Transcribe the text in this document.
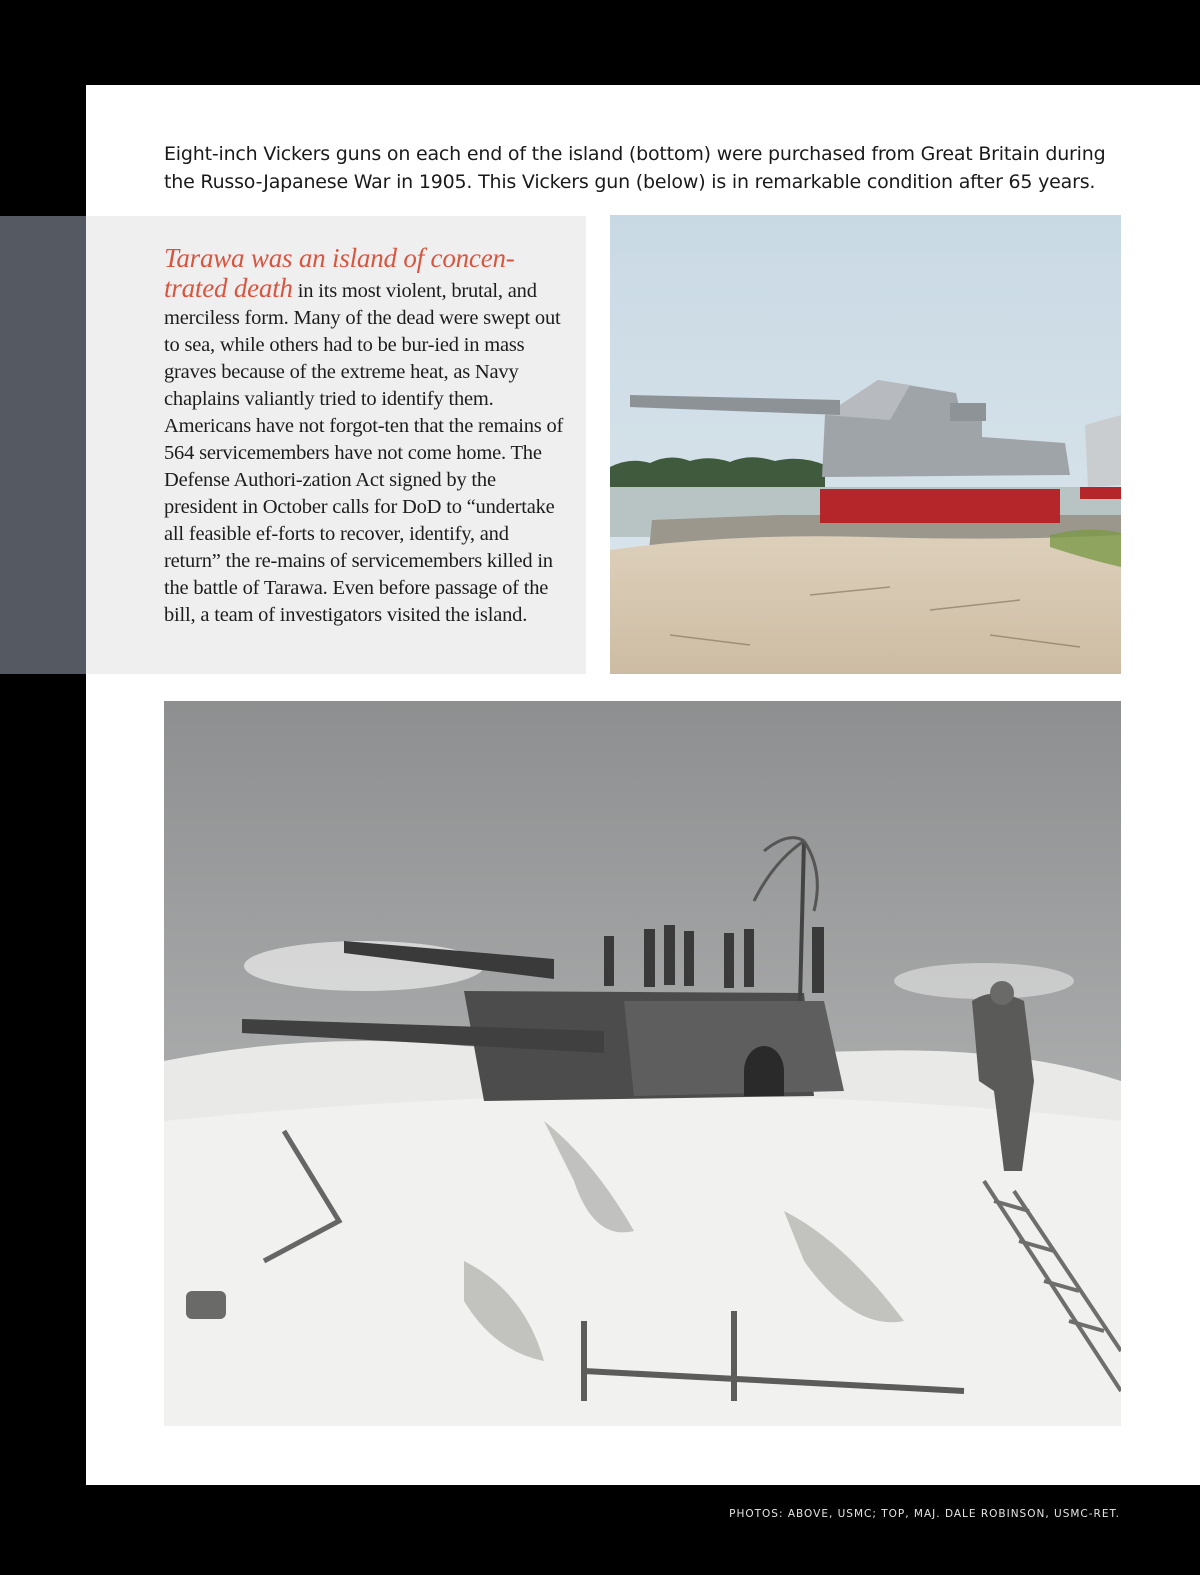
Eight-inch Vickers guns on each end of the island (bottom) were purchased from Great Britain during the Russo-Japanese War in 1905. This Vickers gun (below) is in remarkable condition after 65 years.

Tarawa was an island of concen-trated death in its most violent, brutal, and merciless form. Many of the dead were swept out to sea, while others had to be bur-ied in mass graves because of the extreme heat, as Navy chaplains valiantly tried to identify them. Americans have not forgot-ten that the remains of 564 servicemembers have not come home. The Defense Authori-zation Act signed by the president in October calls for DoD to “undertake all feasible ef-forts to recover, identify, and return” the re-mains of servicemembers killed in the battle of Tarawa. Even before passage of the bill, a team of investigators visited the island.

PHOTOS: ABOVE, USMC; TOP, MAJ. DALE ROBINSON, USMC-RET.
